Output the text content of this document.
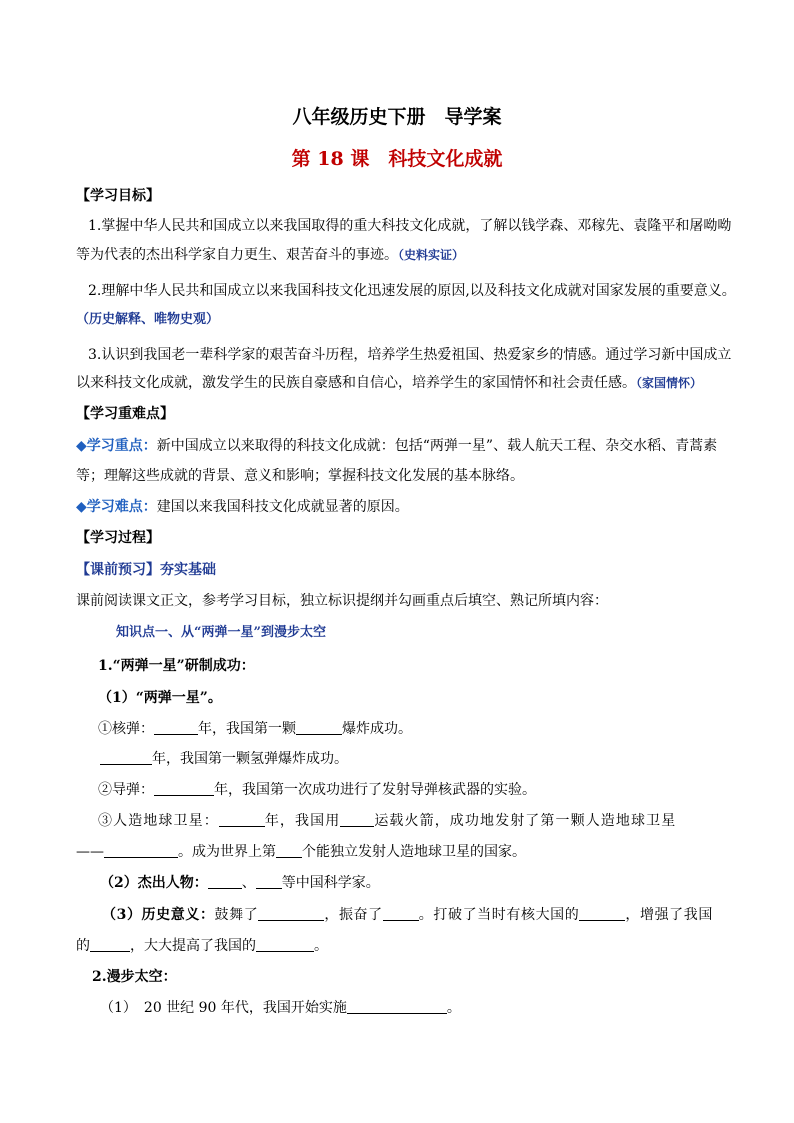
八年级历史下册　导学案
第 18 课　科技文化成就
【学习目标】
1.掌握中华人民共和国成立以来我国取得的重大科技文化成就，了解以钱学森、邓稼先、袁隆平和屠呦呦
等为代表的杰出科学家自力更生、艰苦奋斗的事迹。（史料实证）
2.理解中华人民共和国成立以来我国科技文化迅速发展的原因,以及科技文化成就对国家发展的重要意义。
（历史解释、唯物史观）
3.认识到我国老一辈科学家的艰苦奋斗历程，培养学生热爱祖国、热爱家乡的情感。通过学习新中国成立
以来科技文化成就，激发学生的民族自豪感和自信心，培养学生的家国情怀和社会责任感。（家国情怀）
【学习重难点】
◆学习重点：新中国成立以来取得的科技文化成就：包括“两弹一星”、载人航天工程、杂交水稻、青蒿素
等；理解这些成就的背景、意义和影响；掌握科技文化发展的基本脉络。
◆学习难点：建国以来我国科技文化成就显著的原因。
【学习过程】
【课前预习】夯实基础
课前阅读课文正文，参考学习目标，独立标识提纲并勾画重点后填空、熟记所填内容：
知识点一、从“两弹一星”到漫步太空
1.“两弹一星”研制成功：
（1）“两弹一星”。
①核弹：	年，我国第一颗	爆炸成功。
年，我国第一颗氢弹爆炸成功。
②导弹：	年，我国第一次成功进行了发射导弹核武器的实验。
③人造地球卫星：	年，我国用 运载火箭，成功地发射了第一颗人造地球卫星
——	。成为世界上第 个能独立发射人造地球卫星的国家。
（2）杰出人物： 、 等中国科学家。
（3）历史意义：鼓舞了	，振奋了	。打破了当时有核大国的	，增强了我国
的	，大大提高了我国的	。
2.漫步太空：
（1）　20 世纪 90 年代，我国开始实施	。
